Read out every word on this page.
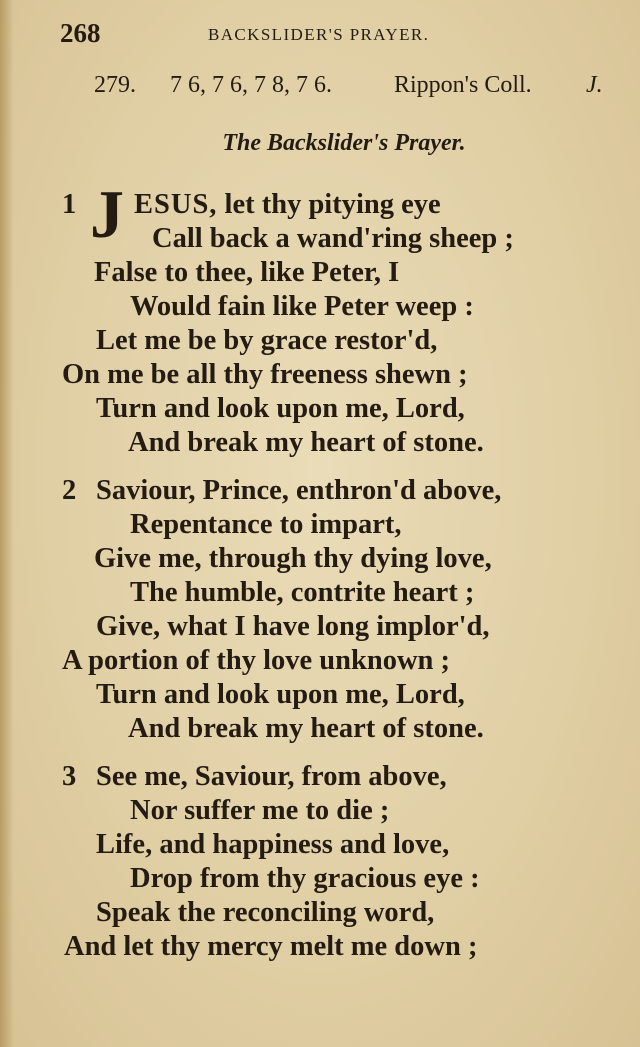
268	BACKSLIDER'S PRAYER.
279. 7 6, 7 6, 7 8, 7 6.	Rippon's Coll. J.
The Backslider's Prayer.
1 J ESUS, let thy pitying eye
Call back a wand'ring sheep ;
False to thee, like Peter, I
Would fain like Peter weep :
Let me be by grace restor'd,
On me be all thy freeness shewn ;
Turn and look upon me, Lord,
And break my heart of stone.
2 Saviour, Prince, enthron'd above,
Repentance to impart,
Give me, through thy dying love,
The humble, contrite heart ;
Give, what I have long implor'd,
A portion of thy love unknown ;
Turn and look upon me, Lord,
And break my heart of stone.
3 See me, Saviour, from above,
Nor suffer me to die ;
Life, and happiness and love,
Drop from thy gracious eye :
Speak the reconciling word,
And let thy mercy melt me down ;
